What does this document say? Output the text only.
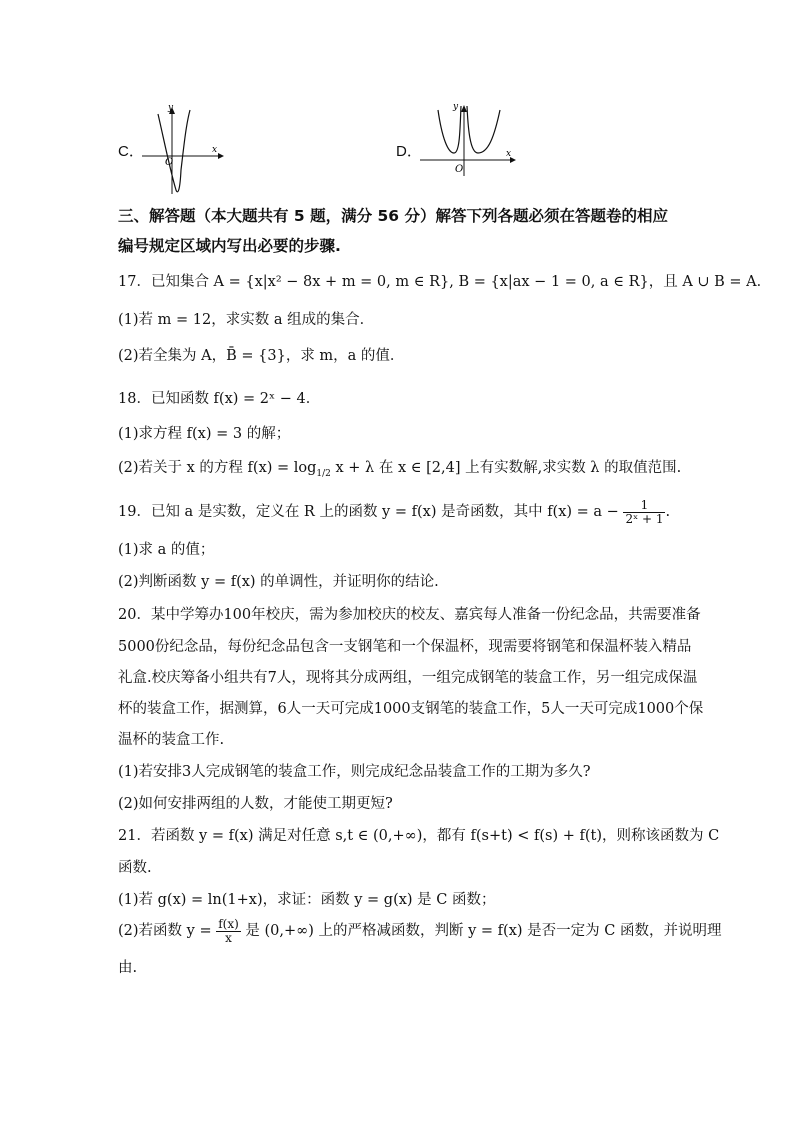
C．
y
x
O
D．
y
x
O
三、解答题（本大题共有 5 题，满分 56 分）解答下列各题必须在答题卷的相应
编号规定区域内写出必要的步骤.
17．已知集合 A = {x|x² − 8x + m = 0, m ∈ R}, B = {x|ax − 1 = 0, a ∈ R}，且 A ∪ B = A．
(1)若 m = 12，求实数 a 组成的集合．
(2)若全集为 A，B̄ = {3}，求 m，a 的值．
18．已知函数 f(x) = 2ˣ − 4．
(1)求方程 f(x) = 3 的解；
(2)若关于 x 的方程 $f(x) = \log_{1/2} x + \lambda$ 在 x ∈ [2,4] 上有实数解,求实数 λ 的取值范围.
19．已知 a 是实数，定义在 R 上的函数 y = f(x) 是奇函数，其中 $f(x) = a - \frac{1}{\text{2ˣ + 1}}$ .
(1)求 a 的值；
(2)判断函数 y = f(x) 的单调性，并证明你的结论.
20．某中学筹办100年校庆，需为参加校庆的校友、嘉宾每人准备一份纪念品，共需要准备
5000份纪念品，每份纪念品包含一支钢笔和一个保温杯，现需要将钢笔和保温杯装入精品
礼盒.校庆筹备小组共有7人，现将其分成两组，一组完成钢笔的装盒工作，另一组完成保温
杯的装盒工作，据测算，6人一天可完成1000支钢笔的装盒工作，5人一天可完成1000个保
温杯的装盒工作.
(1)若安排3人完成钢笔的装盒工作，则完成纪念品装盒工作的工期为多久?
(2)如何安排两组的人数，才能使工期更短?
21．若函数 y = f(x) 满足对任意 s,t ∈ (0,+∞)，都有 f(s+t) < f(s) + f(t)，则称该函数为 C
函数.
(1)若 g(x) = ln(1+x)，求证：函数 y = g(x) 是 C 函数；
(2)若函数 $y = \frac{f(x)}{x}$ 是 (0,+∞) 上的严格减函数，判断 y = f(x) 是否一定为 C 函数，并说明理
由.
